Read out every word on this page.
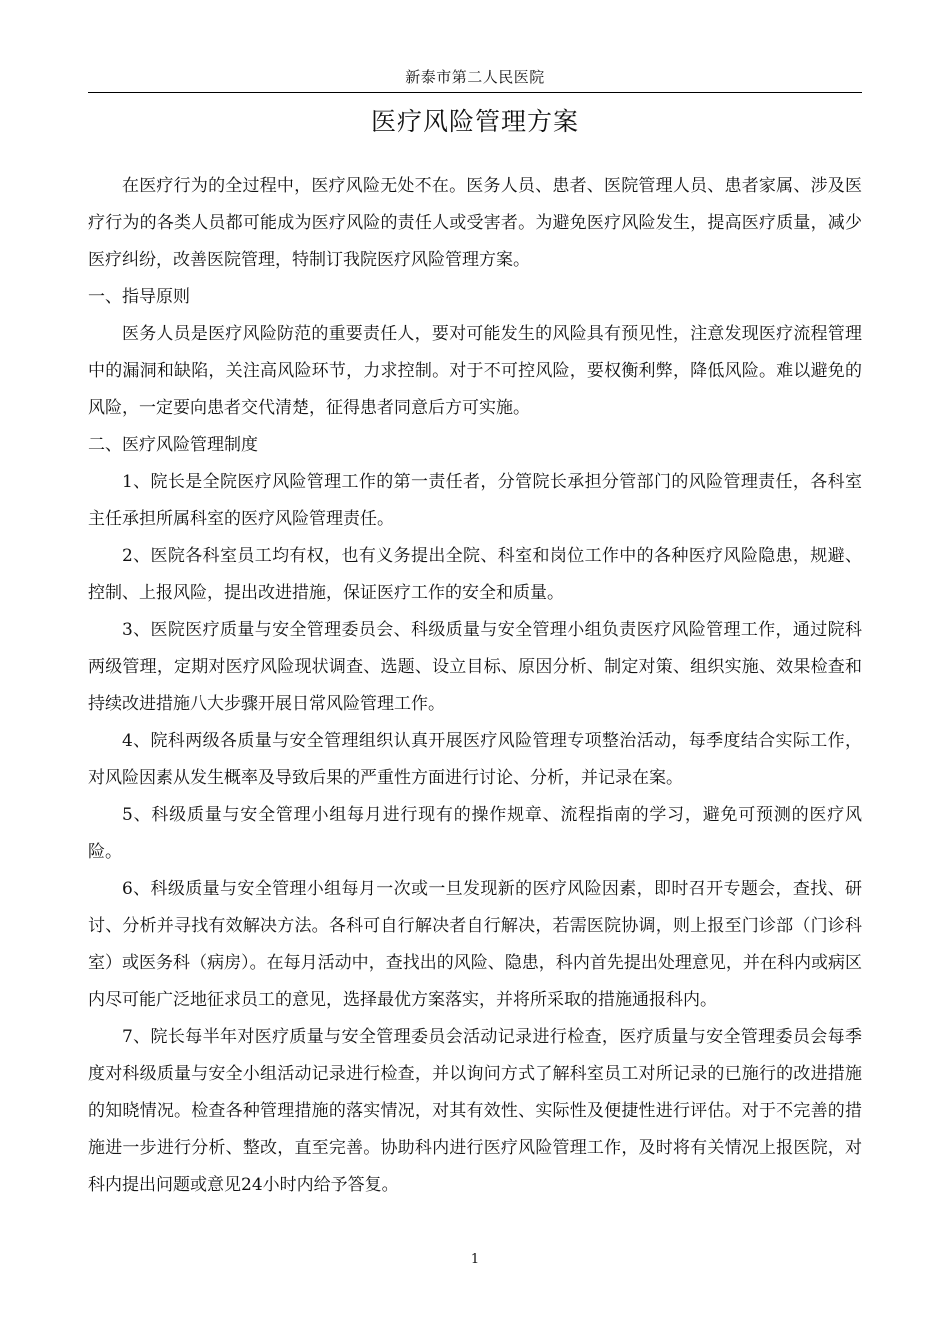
新泰市第二人民医院
医疗风险管理方案

在医疗行为的全过程中，医疗风险无处不在。医务人员、患者、医院管理人员、患者家属、涉及医疗行为的各类人员都可能成为医疗风险的责任人或受害者。为避免医疗风险发生，提高医疗质量，减少医疗纠纷，改善医院管理，特制订我院医疗风险管理方案。

一、指导原则

医务人员是医疗风险防范的重要责任人，要对可能发生的风险具有预见性，注意发现医疗流程管理中的漏洞和缺陷，关注高风险环节，力求控制。对于不可控风险，要权衡利弊，降低风险。难以避免的风险，一定要向患者交代清楚，征得患者同意后方可实施。

二、医疗风险管理制度

1、院长是全院医疗风险管理工作的第一责任者，分管院长承担分管部门的风险管理责任，各科室主任承担所属科室的医疗风险管理责任。

2、医院各科室员工均有权，也有义务提出全院、科室和岗位工作中的各种医疗风险隐患，规避、控制、上报风险，提出改进措施，保证医疗工作的安全和质量。

3、医院医疗质量与安全管理委员会、科级质量与安全管理小组负责医疗风险管理工作，通过院科两级管理，定期对医疗风险现状调查、选题、设立目标、原因分析、制定对策、组织实施、效果检查和持续改进措施八大步骤开展日常风险管理工作。

4、院科两级各质量与安全管理组织认真开展医疗风险管理专项整治活动，每季度结合实际工作，对风险因素从发生概率及导致后果的严重性方面进行讨论、分析，并记录在案。

5、科级质量与安全管理小组每月进行现有的操作规章、流程指南的学习，避免可预测的医疗风险。

6、科级质量与安全管理小组每月一次或一旦发现新的医疗风险因素，即时召开专题会，查找、研讨、分析并寻找有效解决方法。各科可自行解决者自行解决，若需医院协调，则上报至门诊部（门诊科室）或医务科（病房）。在每月活动中，查找出的风险、隐患，科内首先提出处理意见，并在科内或病区内尽可能广泛地征求员工的意见，选择最优方案落实，并将所采取的措施通报科内。

7、院长每半年对医疗质量与安全管理委员会活动记录进行检查，医疗质量与安全管理委员会每季度对科级质量与安全小组活动记录进行检查，并以询问方式了解科室员工对所记录的已施行的改进措施的知晓情况。检查各种管理措施的落实情况，对其有效性、实际性及便捷性进行评估。对于不完善的措施进一步进行分析、整改，直至完善。协助科内进行医疗风险管理工作，及时将有关情况上报医院，对科内提出问题或意见24小时内给予答复。

1
